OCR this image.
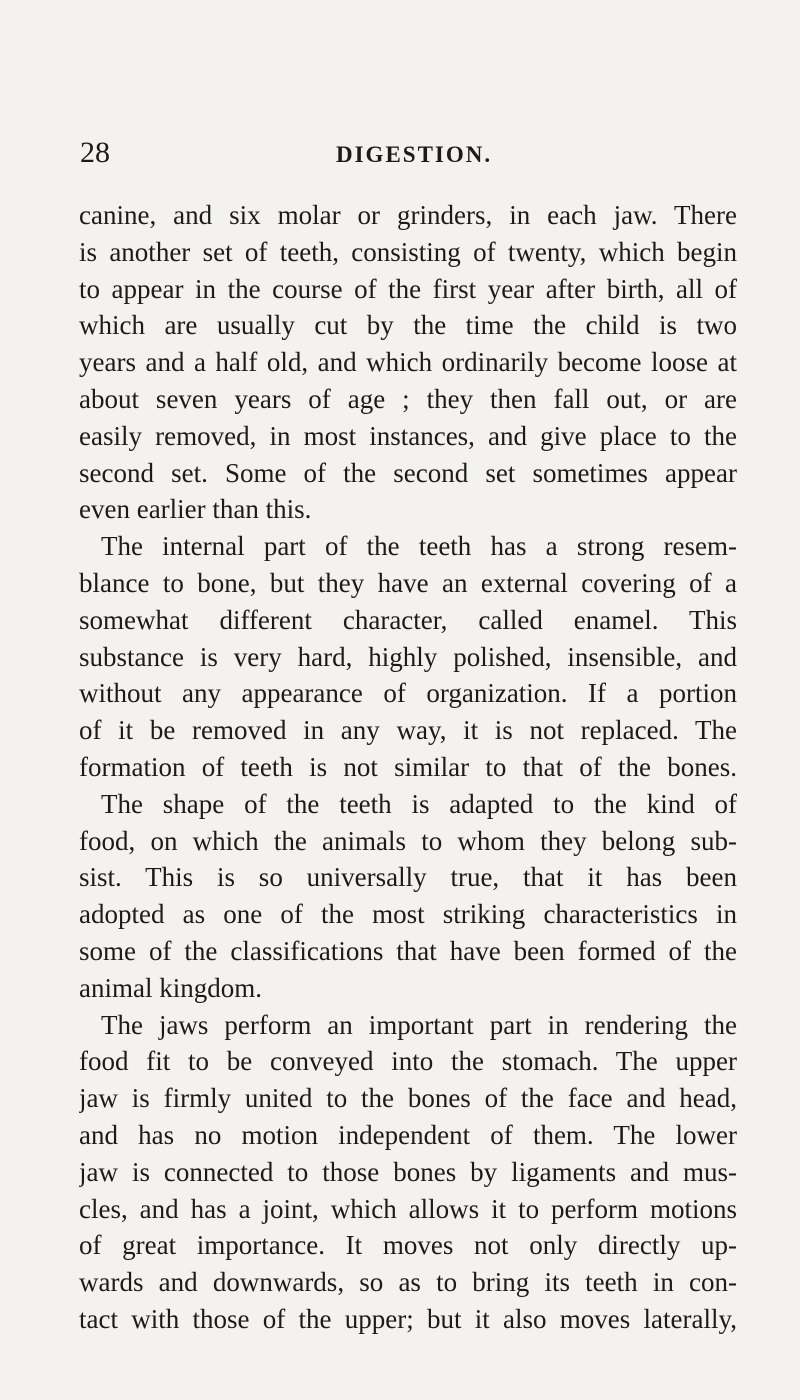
28	DIGESTION.
canine, and six molar or grinders, in each jaw. There
is another set of teeth, consisting of twenty, which begin
to appear in the course of the first year after birth, all of
which are usually cut by the time the child is two
years and a half old, and which ordinarily become loose at
about seven years of age ; they then fall out, or are
easily removed, in most instances, and give place to the
second set. Some of the second set sometimes appear
even earlier than this.
The internal part of the teeth has a strong resem-
blance to bone, but they have an external covering of a
somewhat different character, called enamel. This
substance is very hard, highly polished, insensible, and
without any appearance of organization. If a portion
of it be removed in any way, it is not replaced. The
formation of teeth is not similar to that of the bones.
The shape of the teeth is adapted to the kind of
food, on which the animals to whom they belong sub-
sist. This is so universally true, that it has been
adopted as one of the most striking characteristics in
some of the classifications that have been formed of the
animal kingdom.
The jaws perform an important part in rendering the
food fit to be conveyed into the stomach. The upper
jaw is firmly united to the bones of the face and head,
and has no motion independent of them. The lower
jaw is connected to those bones by ligaments and mus-
cles, and has a joint, which allows it to perform motions
of great importance. It moves not only directly up-
wards and downwards, so as to bring its teeth in con-
tact with those of the upper; but it also moves laterally,
